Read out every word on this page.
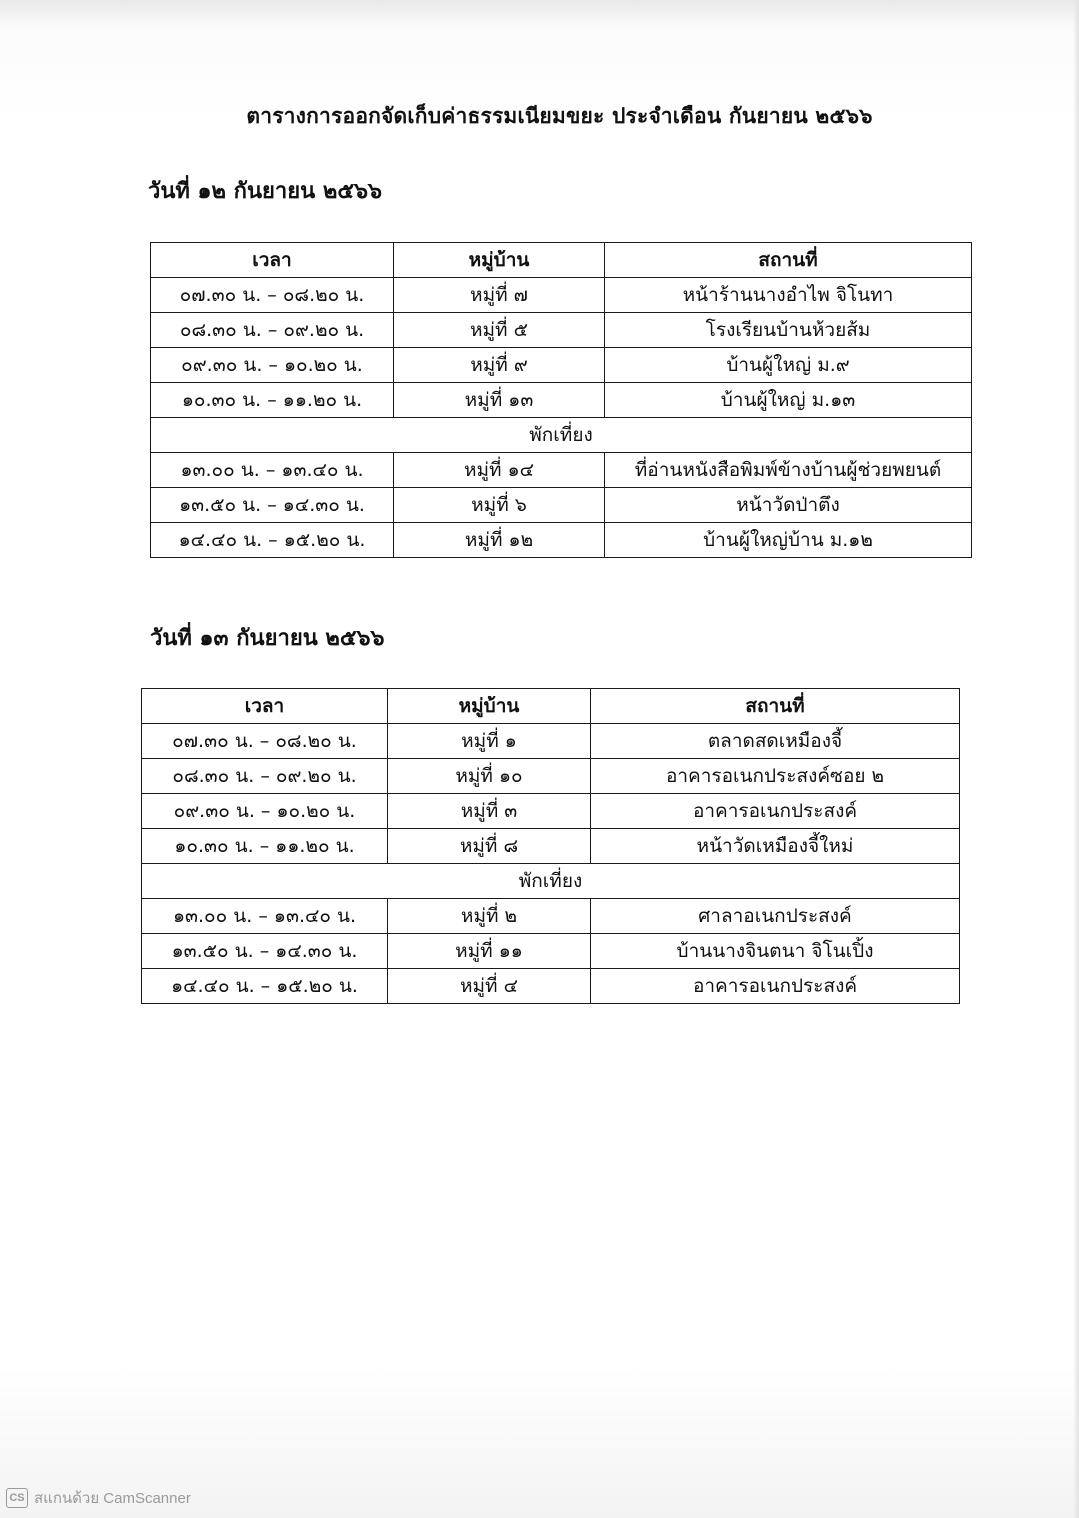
ตารางการออกจัดเก็บค่าธรรมเนียมขยะ ประจำเดือน กันยายน ๒๕๖๖
วันที่ ๑๒ กันยายน ๒๕๖๖
เวลา	หมู่บ้าน	สถานที่
๐๗.๓๐ น. – ๐๘.๒๐ น.	หมู่ที่ ๗	หน้าร้านนางอำไพ จิโนทา
๐๘.๓๐ น. – ๐๙.๒๐ น.	หมู่ที่ ๕	โรงเรียนบ้านห้วยส้ม
๐๙.๓๐ น. – ๑๐.๒๐ น.	หมู่ที่ ๙	บ้านผู้ใหญ่ ม.๙
๑๐.๓๐ น. – ๑๑.๒๐ น.	หมู่ที่ ๑๓	บ้านผู้ใหญ่ ม.๑๓
พักเที่ยง		
๑๓.๐๐ น. – ๑๓.๔๐ น.	หมู่ที่ ๑๔	ที่อ่านหนังสือพิมพ์ข้างบ้านผู้ช่วยพยนต์
๑๓.๕๐ น. – ๑๔.๓๐ น.	หมู่ที่ ๖	หน้าวัดป่าตึง
๑๔.๔๐ น. – ๑๕.๒๐ น.	หมู่ที่ ๑๒	บ้านผู้ใหญ่บ้าน ม.๑๒
วันที่ ๑๓ กันยายน ๒๕๖๖
เวลา	หมู่บ้าน	สถานที่
๐๗.๓๐ น. – ๐๘.๒๐ น.	หมู่ที่ ๑	ตลาดสดเหมืองจี้
๐๘.๓๐ น. – ๐๙.๒๐ น.	หมู่ที่ ๑๐	อาคารอเนกประสงค์ซอย ๒
๐๙.๓๐ น. – ๑๐.๒๐ น.	หมู่ที่ ๓	อาคารอเนกประสงค์
๑๐.๓๐ น. – ๑๑.๒๐ น.	หมู่ที่ ๘	หน้าวัดเหมืองจี้ใหม่
พักเที่ยง		
๑๓.๐๐ น. – ๑๓.๔๐ น.	หมู่ที่ ๒	ศาลาอเนกประสงค์
๑๓.๕๐ น. – ๑๔.๓๐ น.	หมู่ที่ ๑๑	บ้านนางจินตนา จิโนเปิ้ง
๑๔.๔๐ น. – ๑๕.๒๐ น.	หมู่ที่ ๔	อาคารอเนกประสงค์
CS สแกนด้วย CamScanner
